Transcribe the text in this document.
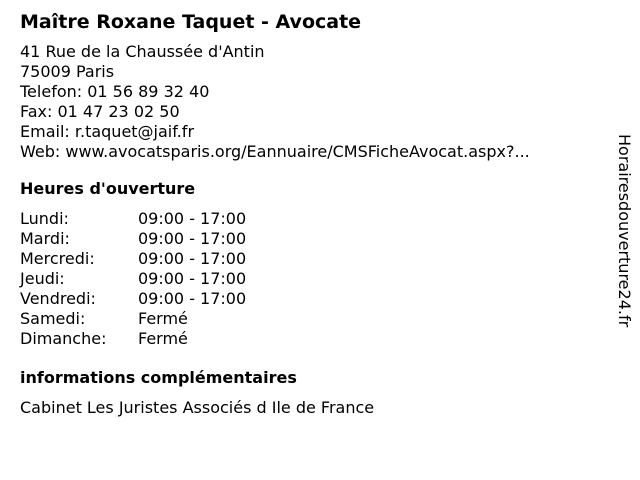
Maître Roxane Taquet - Avocate
41 Rue de la Chaussée d'Antin
75009 Paris
Telefon: 01 56 89 32 40
Fax: 01 47 23 02 50
Email: r.taquet@jaif.fr
Web: www.avocatsparis.org/Eannuaire/CMSFicheAvocat.aspx?...
Heures d'ouverture
Lundi:	09:00 - 17:00
Mardi:	09:00 - 17:00
Mercredi:	09:00 - 17:00
Jeudi:	09:00 - 17:00
Vendredi:	09:00 - 17:00
Samedi:	Fermé
Dimanche:	Fermé
informations complémentaires
Cabinet Les Juristes Associés d Ile de France
Horairesdouverture24.fr
